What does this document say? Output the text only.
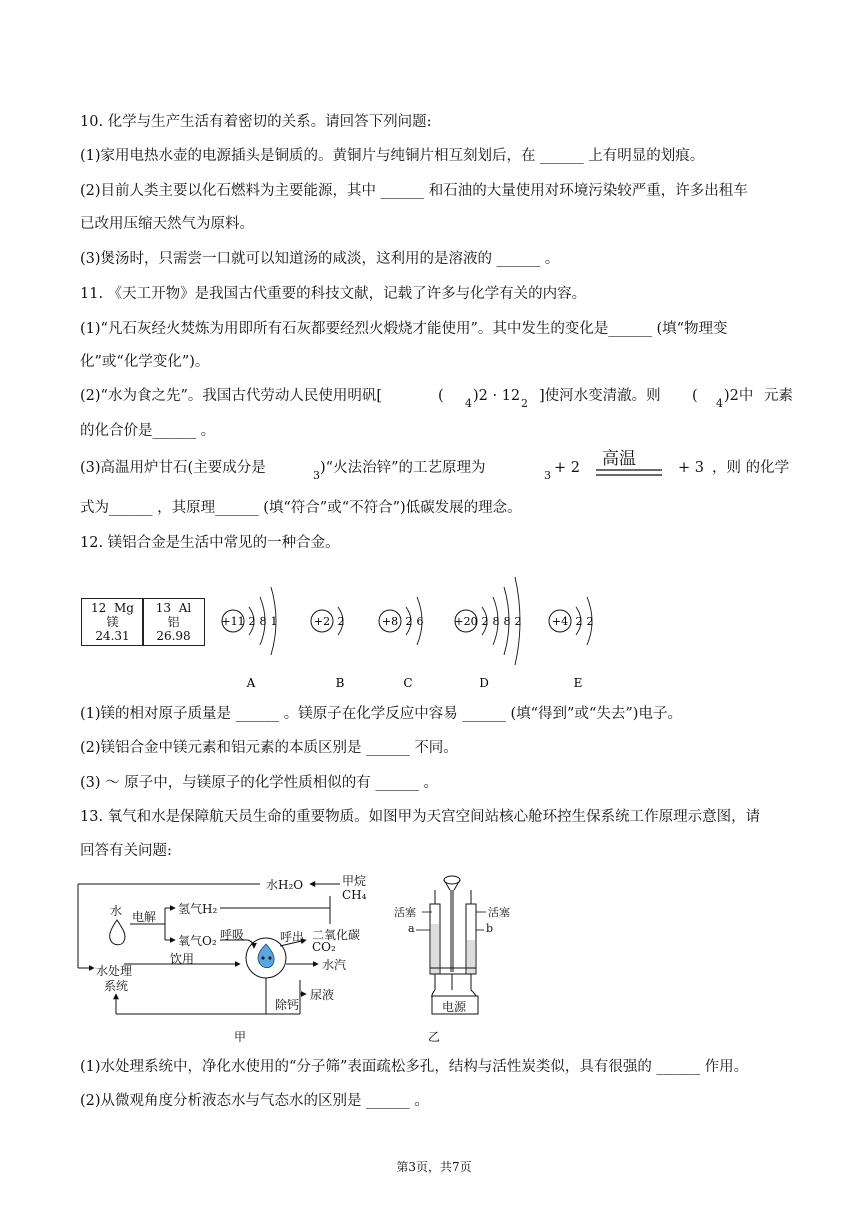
10. 化学与生产生活有着密切的关系。请回答下列问题:
(1)家用电热水壶的电源插头是铜质的。黄铜片与纯铜片相互刻划后，在 ______ 上有明显的划痕。
(2)目前人类主要以化石燃料为主要能源，其中 ______ 和石油的大量使用对环境污染较严重，许多出租车
已改用压缩天然气为原料。
(3)煲汤时，只需尝一口就可以知道汤的咸淡，这利用的是溶液的 ______ 。
11. 《天工开物》是我国古代重要的科技文献，记载了许多与化学有关的内容。
(1)“凡石灰经火焚炼为用即所有石灰都要经烈火煅烧才能使用”。其中发生的变化是______ (填“物理变
化”或“化学变化”)。
(2)“水为食之先”。我国古代劳动人民使用明矾[	( 4 )2 · 12 2 ]使河水变清澈。则 ( 4 )2中 元素
的化合价是______ 。
(3)高温用炉甘石(主要成分是	3 )“火法治锌”的工艺原理为	3 + 2 高温	+ 3 ，则 的化学
式为______ ，其原理______ (填“符合”或“不符合”)低碳发展的理念。
12. 镁铝合金是生活中常见的一种合金。
12 Mg
镁
24.31
13 Al
铝
26.98
+11 2 8 1
A
+2 2
B
+8 2 6
C
+20 2 8 8 2
D
+4 2 2
E
(1)镁的相对原子质量是 ______ 。镁原子在化学反应中容易 ______ (填“得到”或“失去”)电子。
(2)镁铝合金中镁元素和铝元素的本质区别是 ______ 不同。
(3) ～ 原子中，与镁原子的化学性质相似的有 ______ 。
13. 氧气和水是保障航天员生命的重要物质。如图甲为天宫空间站核心舱环控生保系统工作原理示意图，请
回答有关问题:
水H₂O	甲烷
CH₄
水 电解
氢气H₂
氧气O₂ 呼吸	呼出 二氧化碳
CO₂
饮用	水汽
水处理
系统
尿液
除钙
甲
活塞	活塞
a	b
电源
乙
(1)水处理系统中，净化水使用的“分子筛”表面疏松多孔，结构与活性炭类似，具有很强的 ______ 作用。
(2)从微观角度分析液态水与气态水的区别是 ______ 。
第3页，共7页
